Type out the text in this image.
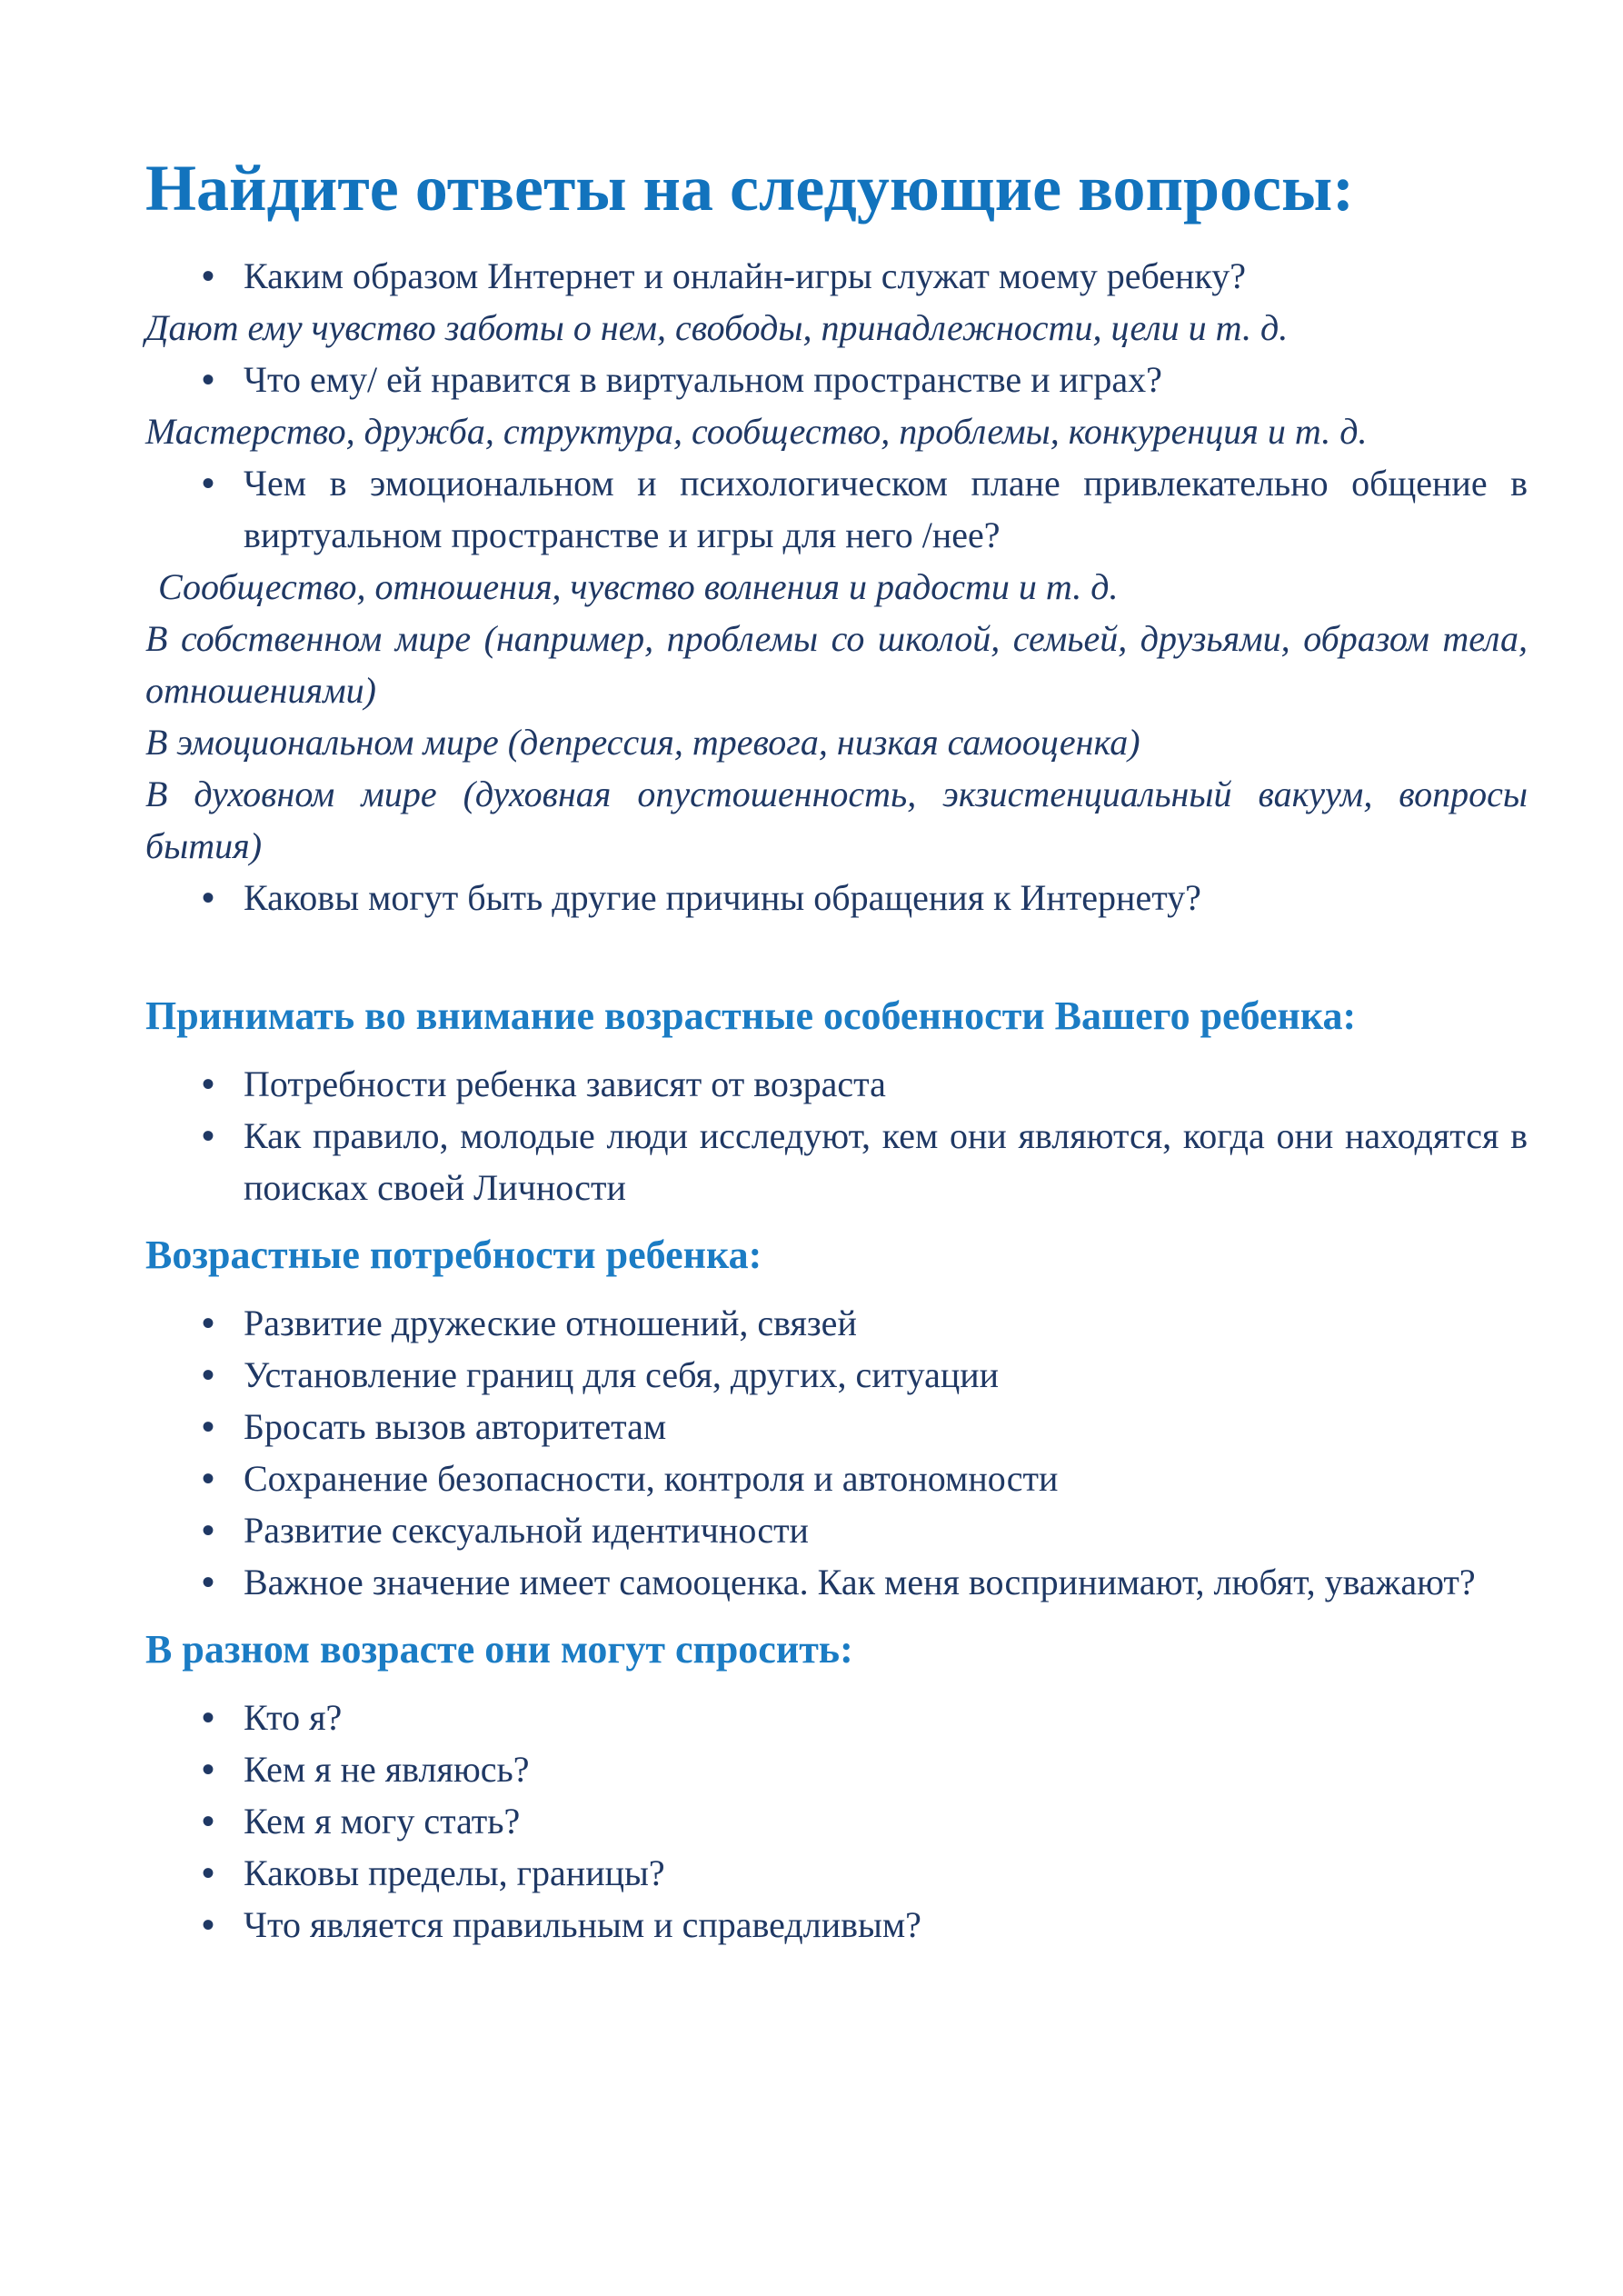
Найдите ответы на следующие вопросы:
• Каким образом Интернет и онлайн-игры служат моему ребенку?

Дают ему чувство заботы о нем, свободы, принадлежности, цели и т. д.

• Что ему/ ей нравится в виртуальном пространстве и играх?

Мастерство, дружба, структура, сообщество, проблемы, конкуренция и т. д.

• Чем в эмоциональном и психологическом плане привлекательно общение в виртуальном пространстве и игры для него /нее?

Сообщество, отношения, чувство волнения и радости и т. д.

В собственном мире (например, проблемы со школой, семьей, друзьями, образом тела, отношениями)

В эмоциональном мире (депрессия, тревога, низкая самооценка)

В духовном мире (духовная опустошенность, экзистенциальный вакуум, вопросы бытия)

• Каковы могут быть другие причины обращения к Интернету?
Принимать во внимание возрастные особенности Вашего ребенка:
• Потребности ребенка зависят от возраста
• Как правило, молодые люди исследуют, кем они являются, когда они находятся в поисках своей Личности
Возрастные потребности ребенка:
• Развитие дружеские отношений, связей
• Установление границ для себя, других, ситуации
• Бросать вызов авторитетам
• Сохранение безопасности, контроля и автономности
• Развитие сексуальной идентичности
• Важное значение имеет самооценка. Как меня воспринимают, любят, уважают?
В разном возрасте они могут спросить:
• Кто я?
• Кем я не являюсь?
• Кем я могу стать?
• Каковы пределы, границы?
• Что является правильным и справедливым?
